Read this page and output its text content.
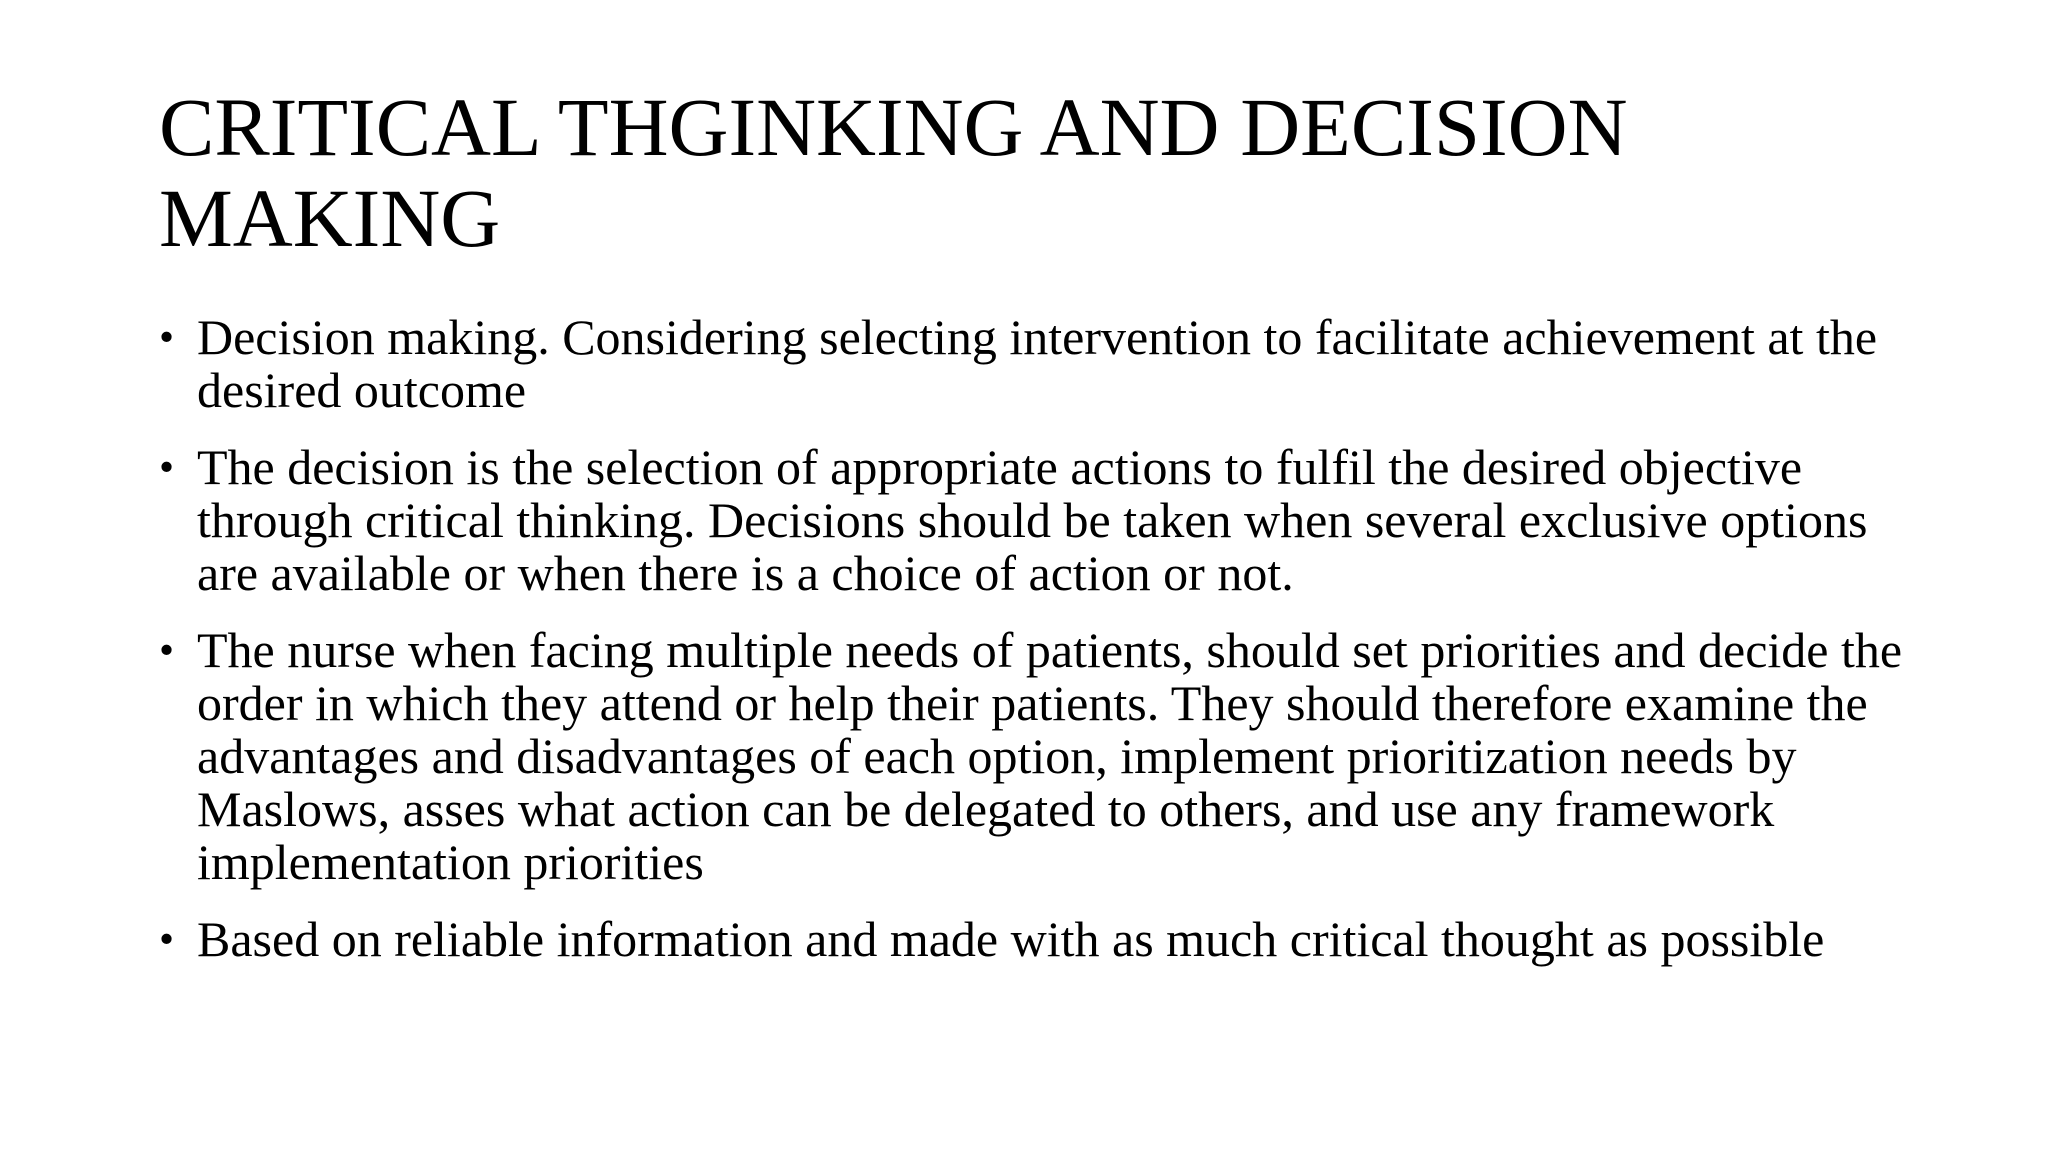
CRITICAL THGINKING AND DECISION MAKING
• Decision making. Considering selecting intervention to facilitate achievement at the desired outcome
• The decision is the selection of appropriate actions to fulfil the desired objective through critical thinking. Decisions should be taken when several exclusive options are available or when there is a choice of action or not.
• The nurse when facing multiple needs of patients, should set priorities and decide the order in which they attend or help their patients. They should therefore examine the advantages and disadvantages of each option, implement prioritization needs by Maslows, asses what action can be delegated to others, and use any framework implementation priorities
• Based on reliable information and made with as much critical thought as possible
